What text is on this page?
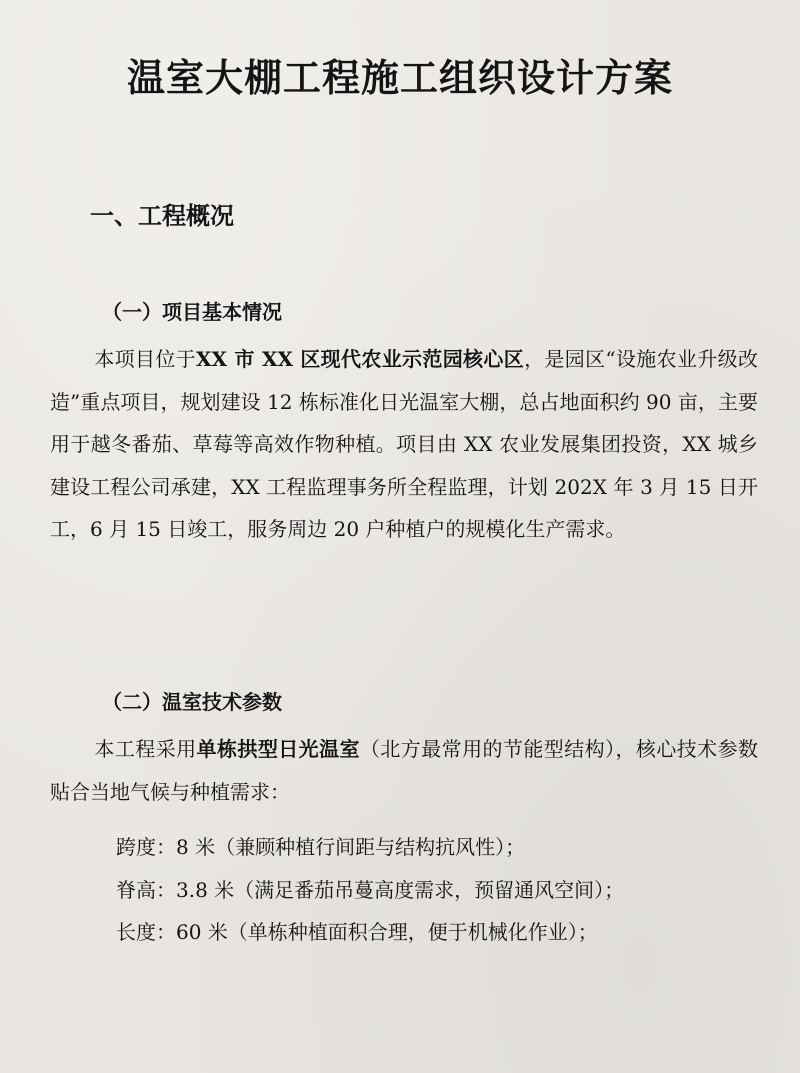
温室大棚工程施工组织设计方案
一、工程概况
（一）项目基本情况

本项目位于XX 市 XX 区现代农业示范园核心区，是园区“设施农业升级改造”重点项目，规划建设 12 栋标准化日光温室大棚，总占地面积约 90 亩，主要用于越冬番茄、草莓等高效作物种植。项目由 XX 农业发展集团投资，XX 城乡建设工程公司承建，XX 工程监理事务所全程监理，计划 202X 年 3 月 15 日开工，6 月 15 日竣工，服务周边 20 户种植户的规模化生产需求。

（二）温室技术参数

本工程采用单栋拱型日光温室（北方最常用的节能型结构），核心技术参数贴合当地气候与种植需求：

跨度：8 米（兼顾种植行间距与结构抗风性）；
脊高：3.8 米（满足番茄吊蔓高度需求，预留通风空间）；
长度：60 米（单栋种植面积合理，便于机械化作业）；
